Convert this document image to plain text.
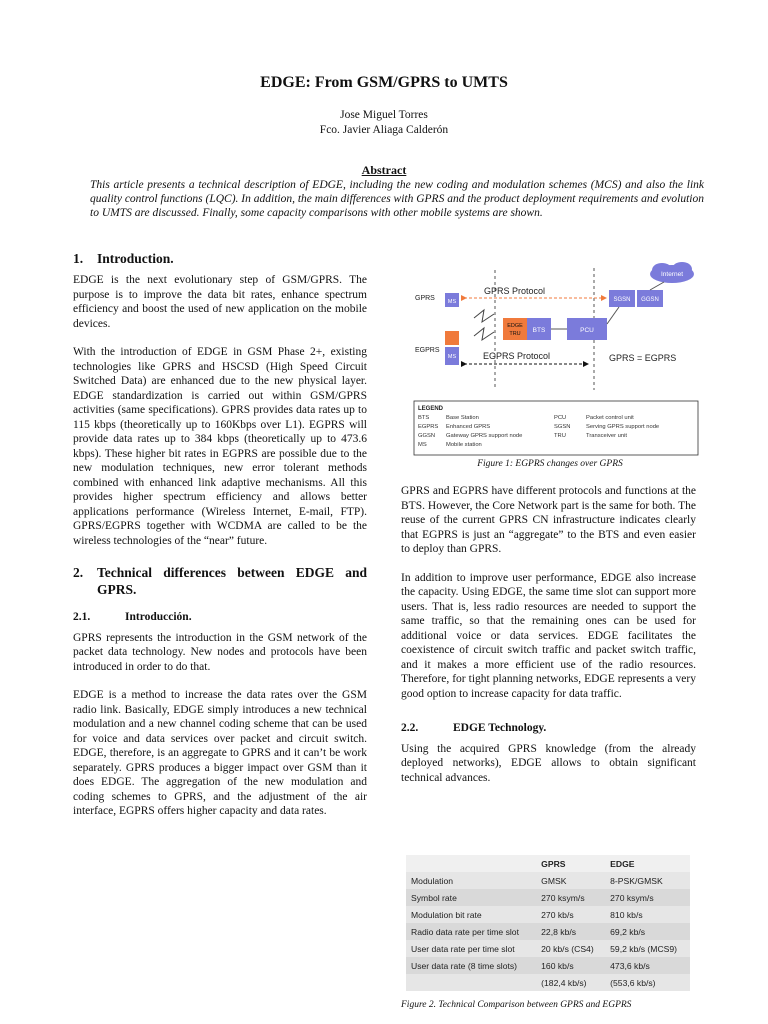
EDGE: From GSM/GPRS to UMTS
Jose Miguel Torres
Fco. Javier Aliaga Calderón
Abstract
This article presents a technical description of EDGE, including the new coding and modulation schemes (MCS) and also the link quality control functions (LQC). In addition, the main differences with GPRS and the product deployment requirements and evolution to UMTS are discussed. Finally, some capacity comparisons with other mobile systems are shown.
1. Introduction.

EDGE is the next evolutionary step of GSM/GPRS. The purpose is to improve the data bit rates, enhance spectrum efficiency and boost the used of new application on the mobile devices.

With the introduction of EDGE in GSM Phase 2+, existing technologies like GPRS and HSCSD (High Speed Circuit Switched Data) are enhanced due to the new physical layer. EDGE standardization is carried out within GSM/GPRS activities (same specifications). GPRS provides data rates up to 115 kbps (theoretically up to 160Kbps over L1). EGPRS will provide data rates up to 384 kbps (theoretically up to 473.6 kbps). These higher bit rates in EGPRS are possible due to the new modulation techniques, new error tolerant methods combined with enhanced link adaptive mechanisms. All this provides higher spectrum efficiency and allows better applications performance (Wireless Internet, E-mail, FTP). GPRS/EGPRS together with WCDMA are called to be the wireless technologies of the “near” future.

2.	Technical differences between EDGE and GPRS.
2.1.	Introducción.

GPRS represents the introduction in the GSM network of the packet data technology. New nodes and protocols have been introduced in order to do that.

EDGE is a method to increase the data rates over the GSM radio link. Basically, EDGE simply introduces a new technical modulation and a new channel coding scheme that can be used for voice and data services over packet and circuit switch. EDGE, therefore, is an aggregate to GPRS and it can’t be work separately. GPRS produces a bigger impact over GSM than it does EDGE. The aggregation of the new modulation and coding schemes to GPRS, and the adjustment of the air interface, EGPRS offers higher capacity and data rates.

Internet
GPRS MS
GPRS Protocol
SGSN GGSN
EDGE
TRU BTS	PCU
EGPRS
MS	EGPRS Protocol	GPRS = EGPRS
LEGEND
BTS	Base Station	PCU	Packet control unit
EGPRS Enhanced GPRS	SGSN	Serving GPRS support node
GGSN Gateway GPRS support node	TRU	Transceiver unit
MS	Mobile station
Figure 1: EGPRS changes over GPRS

GPRS and EGPRS have different protocols and functions at the BTS. However, the Core Network part is the same for both. The reuse of the current GPRS CN infrastructure indicates clearly that EGPRS is just an “aggregate” to the BTS and even easier to deploy than GPRS.

In addition to improve user performance, EDGE also increase the capacity. Using EDGE, the same time slot can support more users. That is, less radio resources are needed to support the same traffic, so that the remaining ones can be used for additional voice or data services. EDGE facilitates the coexistence of circuit switch traffic and packet switch traffic, and it makes a more efficient use of the radio resources. Therefore, for tight planning networks, EDGE represents a very good option to increase capacity for data traffic.

2.2.	EDGE Technology.

Using the acquired GPRS knowledge (from the already deployed networks), EDGE allows to obtain significant technical advances.

	GPRS	EDGE
Modulation	GMSK	8-PSK/GMSK
Symbol rate	270 ksym/s	270 ksym/s
Modulation bit rate	270 kb/s	810 kb/s
Radio data rate per time slot	22,8 kb/s	69,2 kb/s
User data rate per time slot	20 kb/s (CS4)	59,2 kb/s (MCS9)
User data rate (8 time slots)	160 kb/s	473,6 kb/s
	(182,4 kb/s)	(553,6 kb/s)
Figure 2. Technical Comparison between GPRS and EGPRS
